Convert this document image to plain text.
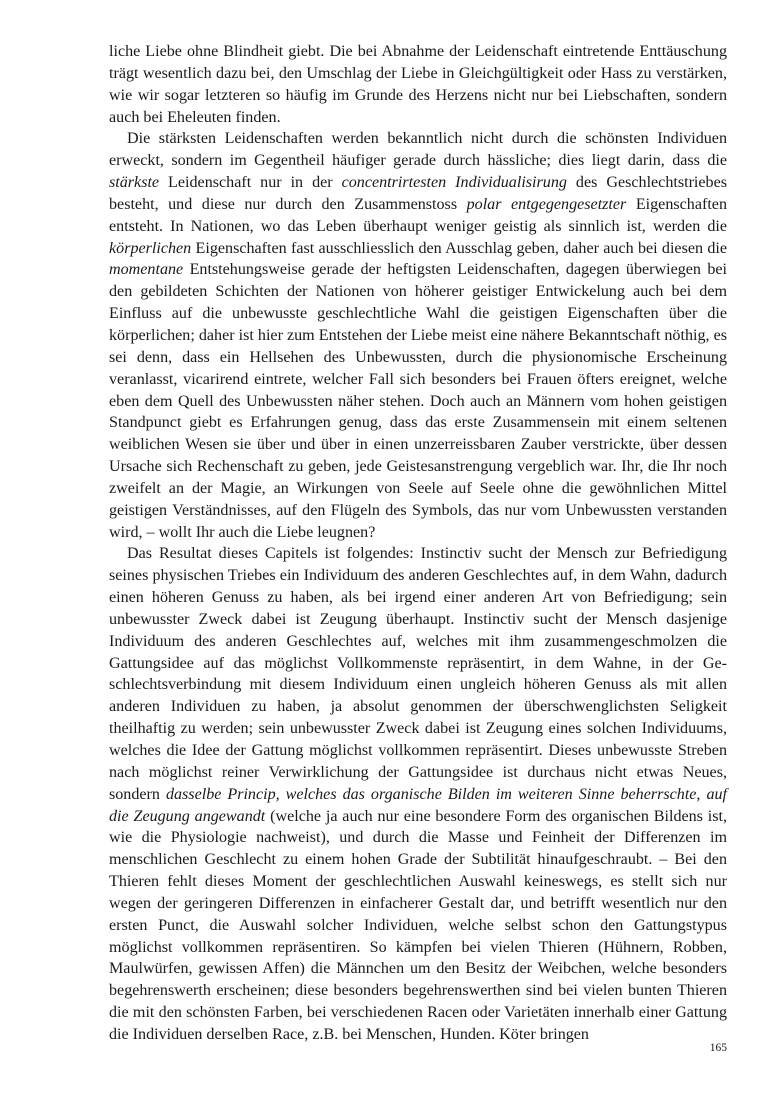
liche Liebe ohne Blindheit giebt. Die bei Abnahme der Leidenschaft eintretende Enttäuschung trägt wesentlich dazu bei, den Umschlag der Liebe in Gleichgültigkeit oder Hass zu verstärken, wie wir sogar letzteren so häufig im Grunde des Herzens nicht nur bei Liebschaften, sondern auch bei Eheleuten finden.

Die stärksten Leidenschaften werden bekanntlich nicht durch die schönsten Individuen erweckt, sondern im Gegentheil häufiger gerade durch hässliche; dies liegt darin, dass die stärkste Leidenschaft nur in der concentrirtesten Individualisirung des Geschlechtstriebes besteht, und diese nur durch den Zusammenstoss polar entgegengesetzter Eigenschaften entsteht. In Nationen, wo das Leben überhaupt weniger geistig als sinnlich ist, werden die körperlichen Eigenschaften fast ausschliesslich den Ausschlag geben, daher auch bei diesen die momentane Entstehungsweise gerade der heftigsten Leidenschaften, dagegen überwiegen bei den gebildeten Schichten der Nationen von höherer geistiger Entwickelung auch bei dem Einfluss auf die unbewusste geschlechtliche Wahl die geistigen Eigenschaften über die körperlichen; daher ist hier zum Entstehen der Liebe meist eine nähere Bekanntschaft nöthig, es sei denn, dass ein Hellsehen des Unbewussten, durch die physionomische Erscheinung veranlasst, vicarirend eintrete, welcher Fall sich besonders bei Frauen öfters ereignet, welche eben dem Quell des Unbewussten näher stehen. Doch auch an Männern vom hohen geistigen Standpunct giebt es Erfahrungen genug, dass das erste Zusammensein mit einem seltenen weiblichen Wesen sie über und über in einen unzerreissbaren Zauber verstrickte, über dessen Ursache sich Rechenschaft zu geben, jede Geistesanstrengung vergeblich war. Ihr, die Ihr noch zweifelt an der Magie, an Wirkungen von Seele auf Seele ohne die gewöhnlichen Mittel geistigen Verständnisses, auf den Flügeln des Symbols, das nur vom Unbewussten verstanden wird, – wollt Ihr auch die Liebe leugnen?

Das Resultat dieses Capitels ist folgendes: Instinctiv sucht der Mensch zur Befriedigung seines physischen Triebes ein Individuum des anderen Geschlechtes auf, in dem Wahn, dadurch einen höheren Genuss zu haben, als bei irgend einer anderen Art von Befriedigung; sein unbewusster Zweck dabei ist Zeugung überhaupt. Instinctiv sucht der Mensch dasjenige Individuum des anderen Geschlechtes auf, welches mit ihm zusammengeschmolzen die Gattungsidee auf das möglichst Vollkommenste repräsentirt, in dem Wahne, in der Geschlechtsverbindung mit diesem Individuum einen ungleich höheren Genuss als mit allen anderen Individuen zu haben, ja absolut genommen der überschwenglichsten Seligkeit theilhaftig zu werden; sein unbewusster Zweck dabei ist Zeugung eines solchen Individuums, welches die Idee der Gattung möglichst vollkommen repräsentirt. Dieses unbewusste Streben nach möglichst reiner Verwirklichung der Gattungsidee ist durchaus nicht etwas Neues, sondern dasselbe Princip, welches das organische Bilden im weiteren Sinne beherrschte, auf die Zeugung angewandt (welche ja auch nur eine besondere Form des organischen Bildens ist, wie die Physiologie nachweist), und durch die Masse und Feinheit der Differenzen im menschlichen Geschlecht zu einem hohen Grade der Subtilität hinaufgeschraubt. – Bei den Thieren fehlt dieses Moment der geschlechtlichen Auswahl keineswegs, es stellt sich nur wegen der geringeren Differenzen in einfacherer Gestalt dar, und betrifft wesentlich nur den ersten Punct, die Auswahl solcher Individuen, welche selbst schon den Gattungstypus möglichst vollkommen repräsentiren. So kämpfen bei vielen Thieren (Hühnern, Robben, Maulwürfen, gewissen Affen) die Männchen um den Besitz der Weibchen, welche besonders begehrenswerth erscheinen; diese besonders begehrenswerthen sind bei vielen bunten Thieren die mit den schönsten Farben, bei verschiedenen Racen oder Varietäten innerhalb einer Gattung die Individuen derselben Race, z.B. bei Menschen, Hunden. Köter bringen

165
